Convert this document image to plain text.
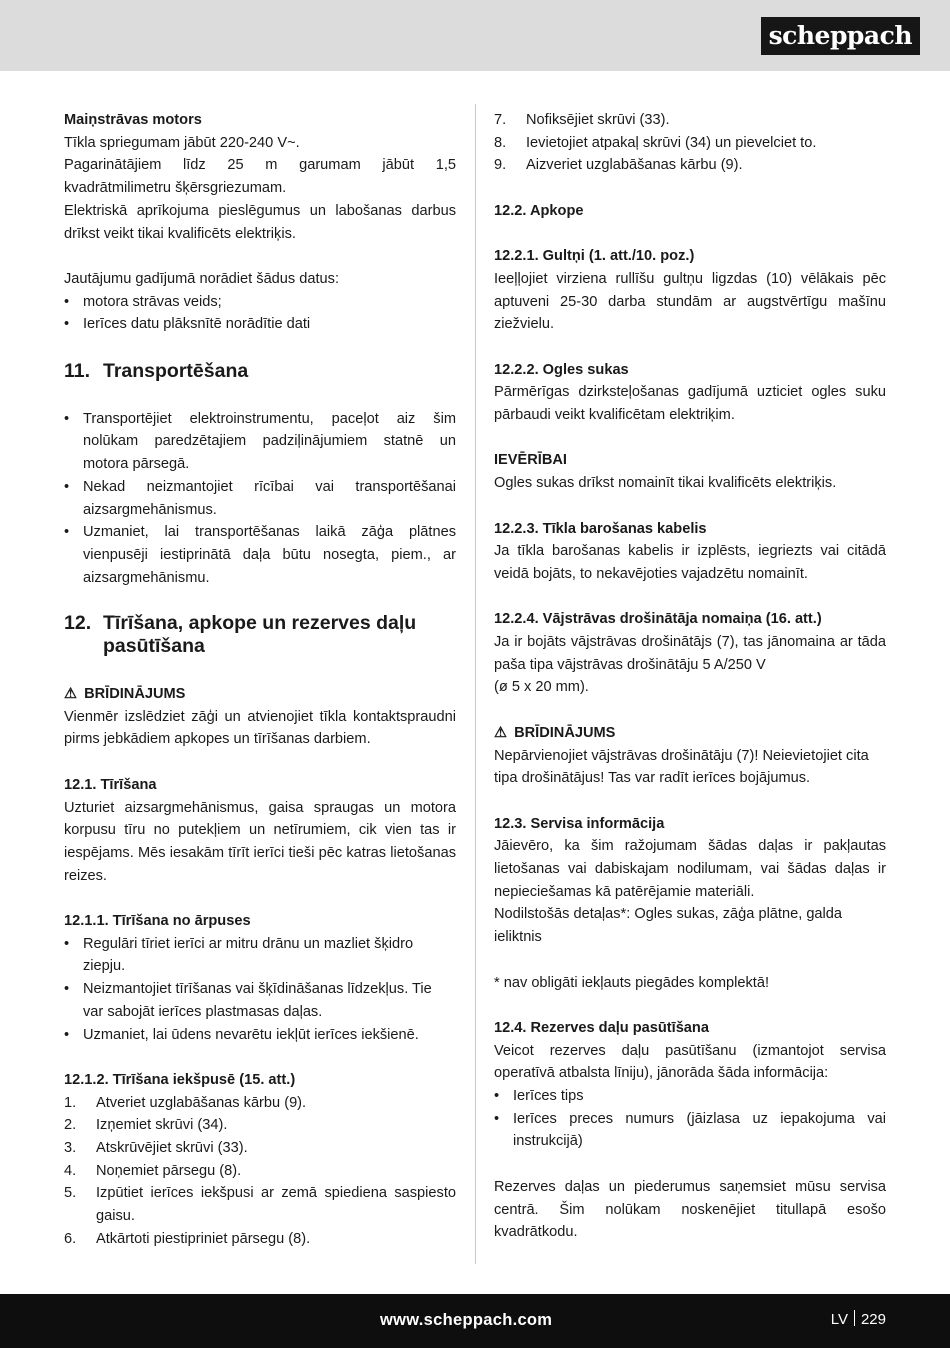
scheppach
Maiņstrāvas motors

Tīkla spriegumam jābūt 220-240 V~.

Pagarinātājiem līdz 25 m garumam jābūt 1,5 kvadrātmilimetru šķērsgriezumam.

Elektriskā aprīkojuma pieslēgumus un labošanas darbus drīkst veikt tikai kvalificēts elektriķis.

Jautājumu gadījumā norādiet šādus datus:

• motora strāvas veids;
• Ierīces datu plāksnītē norādītie dati
11. Transportēšana
• Transportējiet elektroinstrumentu, paceļot aiz šim nolūkam paredzētajiem padziļinājumiem statnē un motora pārsegā.
• Nekad neizmantojiet rīcībai vai transportēšanai aizsargmehānismus.
• Uzmaniet, lai transportēšanas laikā zāģa plātnes vienpusēji iestiprinātā daļa būtu nosegta, piem., ar aizsargmehānismu.
12. Tīrīšana, apkope un rezerves daļu pasūtīšana
⚠ BRĪDINĀJUMS

Vienmēr izslēdziet zāģi un atvienojiet tīkla kontaktspraudni pirms jebkādiem apkopes un tīrīšanas darbiem.

12.1. Tīrīšana

Uzturiet aizsargmehānismus, gaisa spraugas un motora korpusu tīru no putekļiem un netīrumiem, cik vien tas ir iespējams. Mēs iesakām tīrīt ierīci tieši pēc katras lietošanas reizes.

12.1.1. Tīrīšana no ārpuses
• Regulāri tīriet ierīci ar mitru drānu un mazliet šķidro ziepju.
• Neizmantojiet tīrīšanas vai šķīdināšanas līdzekļus. Tie var sabojāt ierīces plastmasas daļas.
• Uzmaniet, lai ūdens nevarētu iekļūt ierīces iekšienē.
12.1.2. Tīrīšana iekšpusē (15. att.)
1. Atveriet uzglabāšanas kārbu (9).
2. Izņemiet skrūvi (34).
3. Atskrūvējiet skrūvi (33).
4. Noņemiet pārsegu (8).
5. Izpūtiet ierīces iekšpusi ar zemā spiediena saspiesto gaisu.
6. Atkārtoti piestipriniet pārsegu (8).
7. Nofiksējiet skrūvi (33).
8. Ievietojiet atpakaļ skrūvi (34) un pievelciet to.
9. Aizveriet uzglabāšanas kārbu (9).
12.2. Apkope
12.2.1. Gultņi (1. att./10. poz.)

Ieeļļojiet virziena rullīšu gultņu ligzdas (10) vēlākais pēc aptuveni 25-30 darba stundām ar augstvērtīgu mašīnu ziežvielu.

12.2.2. Ogles sukas

Pārmērīgas dzirksteļošanas gadījumā uzticiet ogles suku pārbaudi veikt kvalificētam elektriķim.

IEVĒRĪBAI

Ogles sukas drīkst nomainīt tikai kvalificēts elektriķis.

12.2.3. Tīkla barošanas kabelis

Ja tīkla barošanas kabelis ir izplēsts, iegriezts vai citādā veidā bojāts, to nekavējoties vajadzētu nomainīt.

12.2.4. Vājstrāvas drošinātāja nomaiņa (16. att.)

Ja ir bojāts vājstrāvas drošinātājs (7), tas jānomaina ar tāda paša tipa vājstrāvas drošinātāju 5 A/250 V

(ø 5 x 20 mm).

⚠ BRĪDINĀJUMS

Nepārvienojiet vājstrāvas drošinātāju (7)! Neievietojiet cita tipa drošinātājus! Tas var radīt ierīces bojājumus.

12.3. Servisa informācija

Jāievēro, ka šim ražojumam šādas daļas ir pakļautas lietošanas vai dabiskajam nodilumam, vai šādas daļas ir nepieciešamas kā patērējamie materiāli.

Nodilstošās detaļas*: Ogles sukas, zāģa plātne, galda ieliktnis

* nav obligāti iekļauts piegādes komplektā!

12.4. Rezerves daļu pasūtīšana

Veicot rezerves daļu pasūtīšanu (izmantojot servisa operatīvā atbalsta līniju), jānorāda šāda informācija:

• Ierīces tips
• Ierīces preces numurs (jāizlasa uz iepakojuma vai instrukcijā)

Rezerves daļas un piederumus saņemsiet mūsu servisa centrā. Šim nolūkam noskenējiet titullapā esošo kvadrātkodu.

www.scheppach.com	LV 229
